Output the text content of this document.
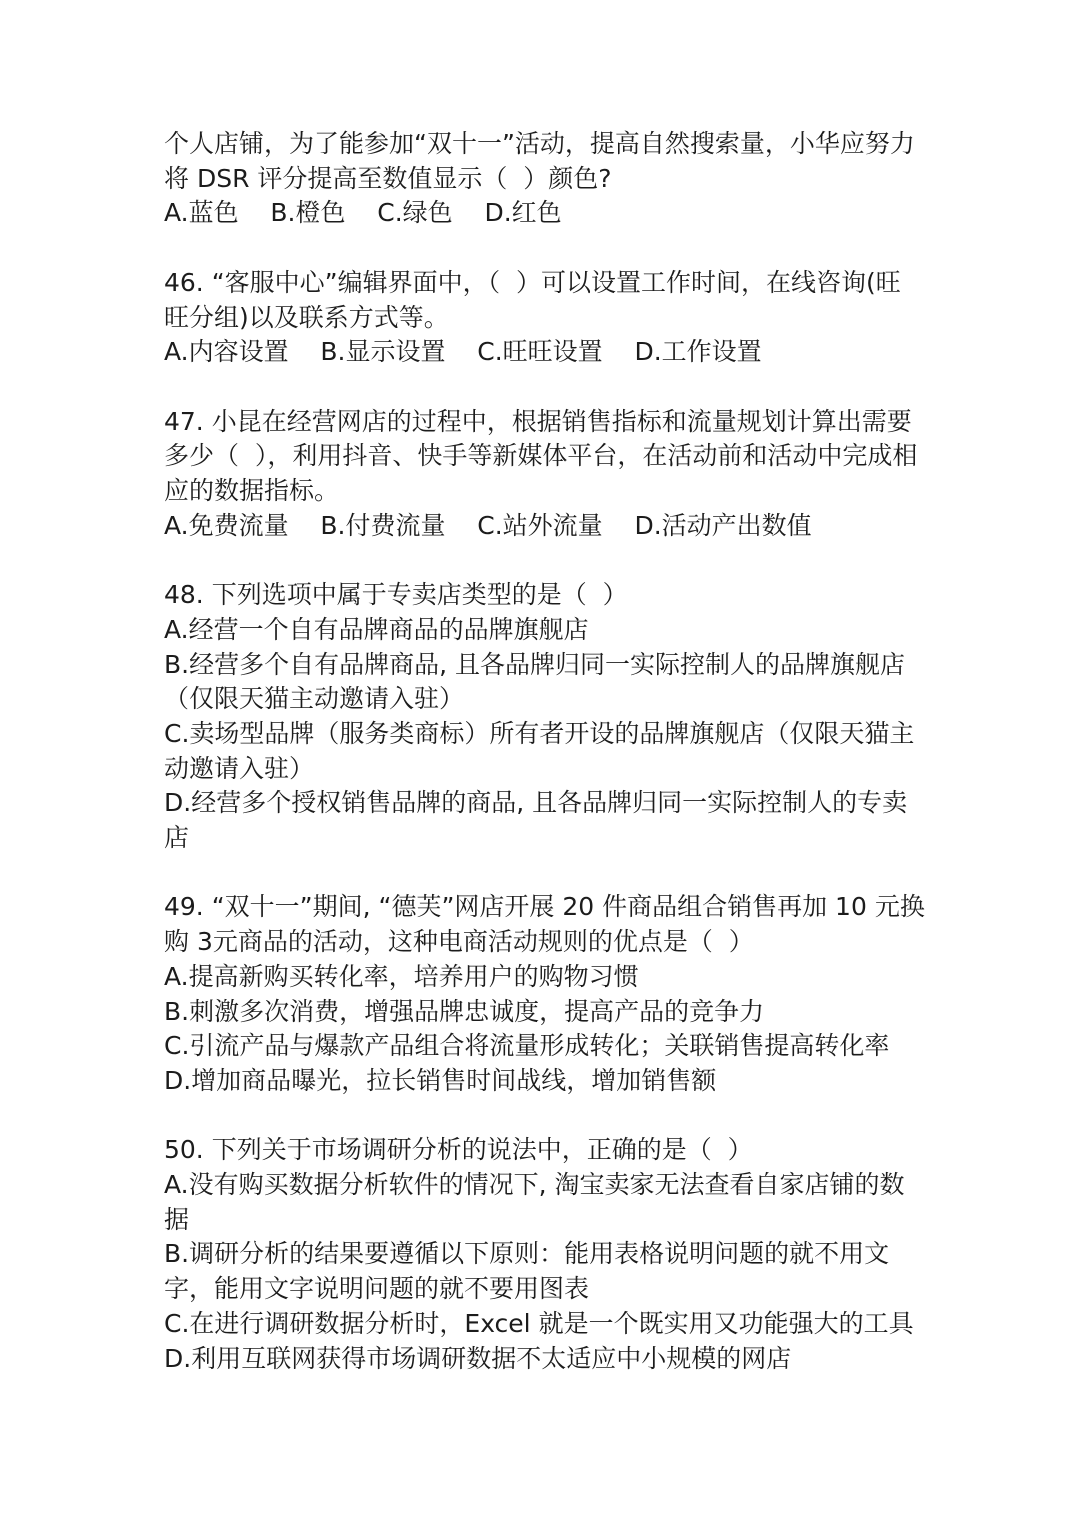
个人店铺，为了能参加“双十一”活动，提高自然搜索量，小华应努力
将 DSR 评分提高至数值显示（  ）颜色?
A.蓝色    B.橙色    C.绿色    D.红色
46. “客服中心”编辑界面中，（  ）可以设置工作时间，在线咨询(旺
旺分组)以及联系方式等。
A.内容设置    B.显示设置    C.旺旺设置    D.工作设置
47. 小昆在经营网店的过程中，根据销售指标和流量规划计算出需要
多少（  ），利用抖音、快手等新媒体平台，在活动前和活动中完成相
应的数据指标。
A.免费流量    B.付费流量    C.站外流量    D.活动产出数值
48. 下列选项中属于专卖店类型的是（  ）
A.经营一个自有品牌商品的品牌旗舰店
B.经营多个自有品牌商品, 且各品牌归同一实际控制人的品牌旗舰店
（仅限天猫主动邀请入驻）
C.卖场型品牌（服务类商标）所有者开设的品牌旗舰店（仅限天猫主
动邀请入驻）
D.经营多个授权销售品牌的商品, 且各品牌归同一实际控制人的专卖
店
49. “双十一”期间, “德芙”网店开展 20 件商品组合销售再加 10 元换
购 3元商品的活动，这种电商活动规则的优点是（  ）
A.提高新购买转化率，培养用户的购物习惯
B.刺激多次消费，增强品牌忠诚度，提高产品的竞争力
C.引流产品与爆款产品组合将流量形成转化；关联销售提高转化率
D.增加商品曝光，拉长销售时间战线，增加销售额
50. 下列关于市场调研分析的说法中，正确的是（  ）
A.没有购买数据分析软件的情况下, 淘宝卖家无法查看自家店铺的数
据
B.调研分析的结果要遵循以下原则：能用表格说明问题的就不用文
字，能用文字说明问题的就不要用图表
C.在进行调研数据分析时，Excel 就是一个既实用又功能强大的工具
D.利用互联网获得市场调研数据不太适应中小规模的网店
